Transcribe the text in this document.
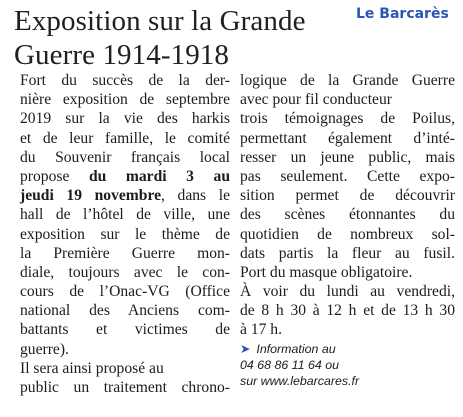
Exposition sur la Grande
Guerre 1914-1918
Le Barcarès
Fort du succès de la der-
nière exposition de septembre
2019 sur la vie des harkis
et de leur famille, le comité
du Souvenir français local
propose du mardi 3 au
jeudi 19 novembre, dans le
hall de l’hôtel de ville, une
exposition sur le thème de
la Première Guerre mon-
diale, toujours avec le con-
cours de l’Onac-VG (Office
national des Anciens com-
battants et victimes de
guerre).
Il sera ainsi proposé au
public un traitement chrono-
logique de la Grande Guerre
avec pour fil conducteur
trois témoignages de Poilus,
permettant également d’inté-
resser un jeune public, mais
pas seulement. Cette expo-
sition permet de découvrir
des scènes étonnantes du
quotidien de nombreux sol-
dats partis la fleur au fusil.
Port du masque obligatoire.
À voir du lundi au vendredi,
de 8 h 30 à 12 h et de 13 h 30
à 17 h.
➤ Information au
04 68 86 11 64 ou
sur www.lebarcares.fr
